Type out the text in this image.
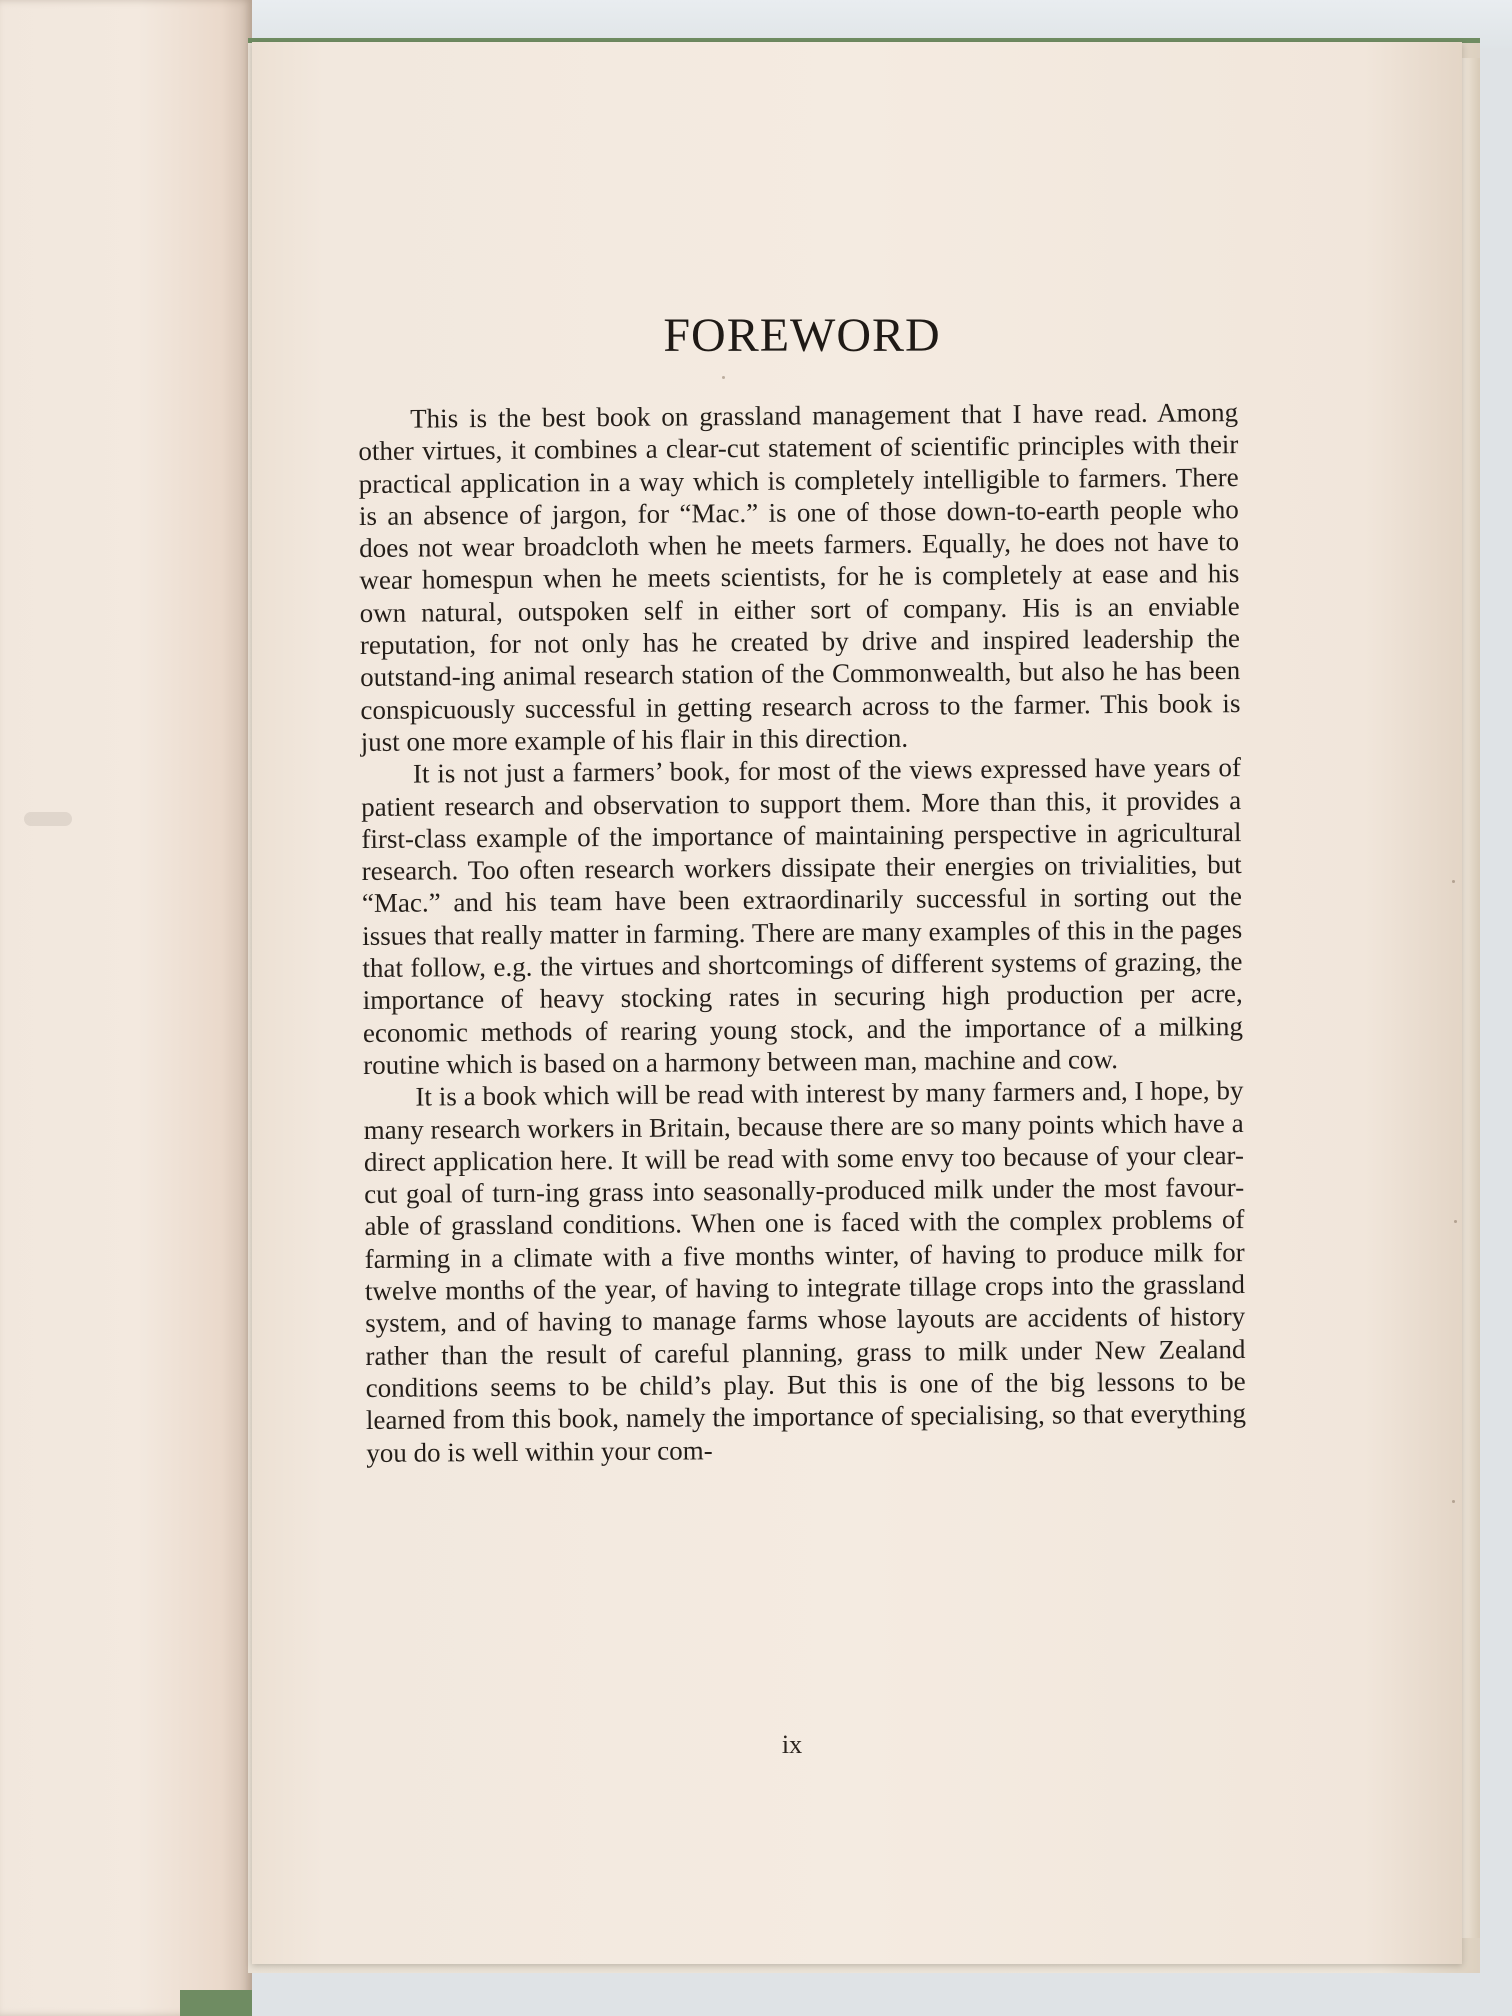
FOREWORD

This is the best book on grassland management that I have read. Among other virtues, it combines a clear-cut statement of scientific principles with their practical application in a way which is completely intelligible to farmers. There is an absence of jargon, for “Mac.” is one of those down-to-earth people who does not wear broadcloth when he meets farmers. Equally, he does not have to wear homespun when he meets scientists, for he is completely at ease and his own natural, outspoken self in either sort of company. His is an enviable reputation, for not only has he created by drive and inspired leadership the outstand-ing animal research station of the Commonwealth, but also he has been conspicuously successful in getting research across to the farmer. This book is just one more example of his flair in this direction.

It is not just a farmers’ book, for most of the views expressed have years of patient research and observation to support them. More than this, it provides a first-class example of the importance of maintaining perspective in agricultural research. Too often research workers dissipate their energies on trivialities, but “Mac.” and his team have been extraordinarily successful in sorting out the issues that really matter in farming. There are many examples of this in the pages that follow, e.g. the virtues and shortcomings of different systems of grazing, the importance of heavy stocking rates in securing high production per acre, economic methods of rearing young stock, and the importance of a milking routine which is based on a harmony between man, machine and cow.

It is a book which will be read with interest by many farmers and, I hope, by many research workers in Britain, because there are so many points which have a direct application here. It will be read with some envy too because of your clear-cut goal of turn-ing grass into seasonally-produced milk under the most favour-able of grassland conditions. When one is faced with the complex problems of farming in a climate with a five months winter, of having to produce milk for twelve months of the year, of having to integrate tillage crops into the grassland system, and of having to manage farms whose layouts are accidents of history rather than the result of careful planning, grass to milk under New Zealand conditions seems to be child’s play. But this is one of the big lessons to be learned from this book, namely the importance of specialising, so that everything you do is well within your com-

ix
